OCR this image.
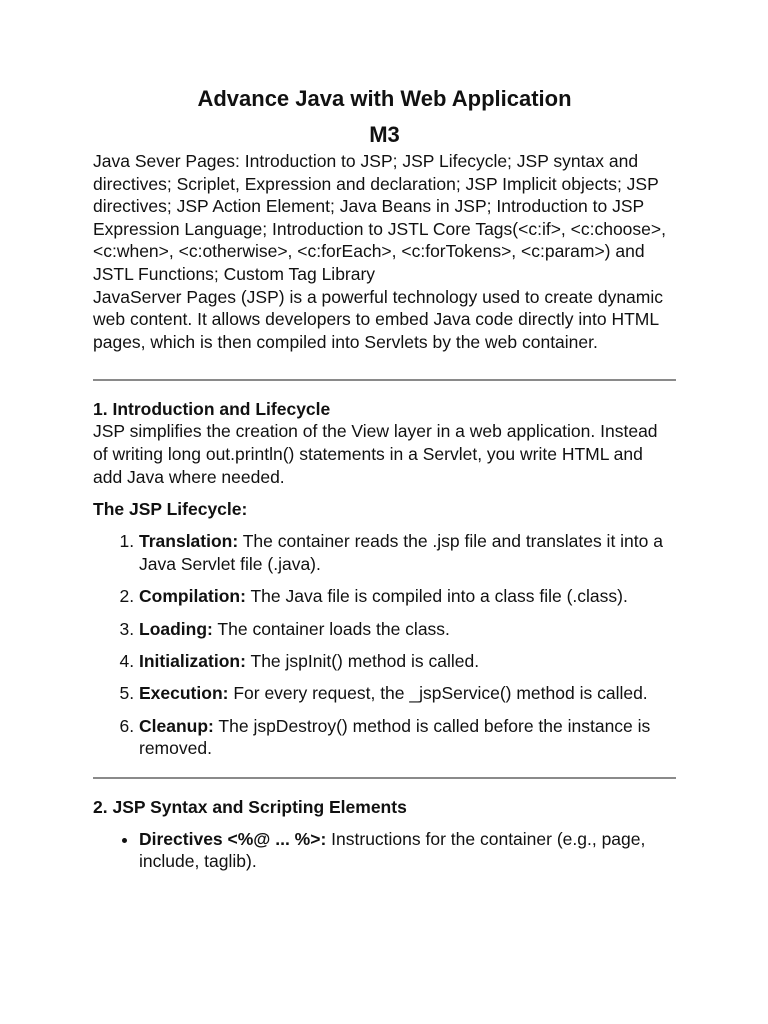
Advance Java with Web Application
M3

Java Sever Pages: Introduction to JSP; JSP Lifecycle; JSP syntax and directives; Scriplet, Expression and declaration; JSP Implicit objects; JSP directives; JSP Action Element; Java Beans in JSP; Introduction to JSP Expression Language; Introduction to JSTL Core Tags(<c:if>, <c:choose>, <c:when>, <c:otherwise>, <c:forEach>, <c:forTokens>, <c:param>) and JSTL Functions; Custom Tag Library

JavaServer Pages (JSP) is a powerful technology used to create dynamic web content. It allows developers to embed Java code directly into HTML pages, which is then compiled into Servlets by the web container.

1. Introduction and Lifecycle

JSP simplifies the creation of the View layer in a web application. Instead of writing long out.println() statements in a Servlet, you write HTML and add Java where needed.

The JSP Lifecycle:
1. Translation: The container reads the .jsp file and translates it into a Java Servlet file (.java).
2. Compilation: The Java file is compiled into a class file (.class).
3. Loading: The container loads the class.
4. Initialization: The jspInit() method is called.
5. Execution: For every request, the _jspService() method is called.
6. Cleanup: The jspDestroy() method is called before the instance is removed.
2. JSP Syntax and Scripting Elements
• Directives <%@ ... %>: Instructions for the container (e.g., page, include, taglib).
